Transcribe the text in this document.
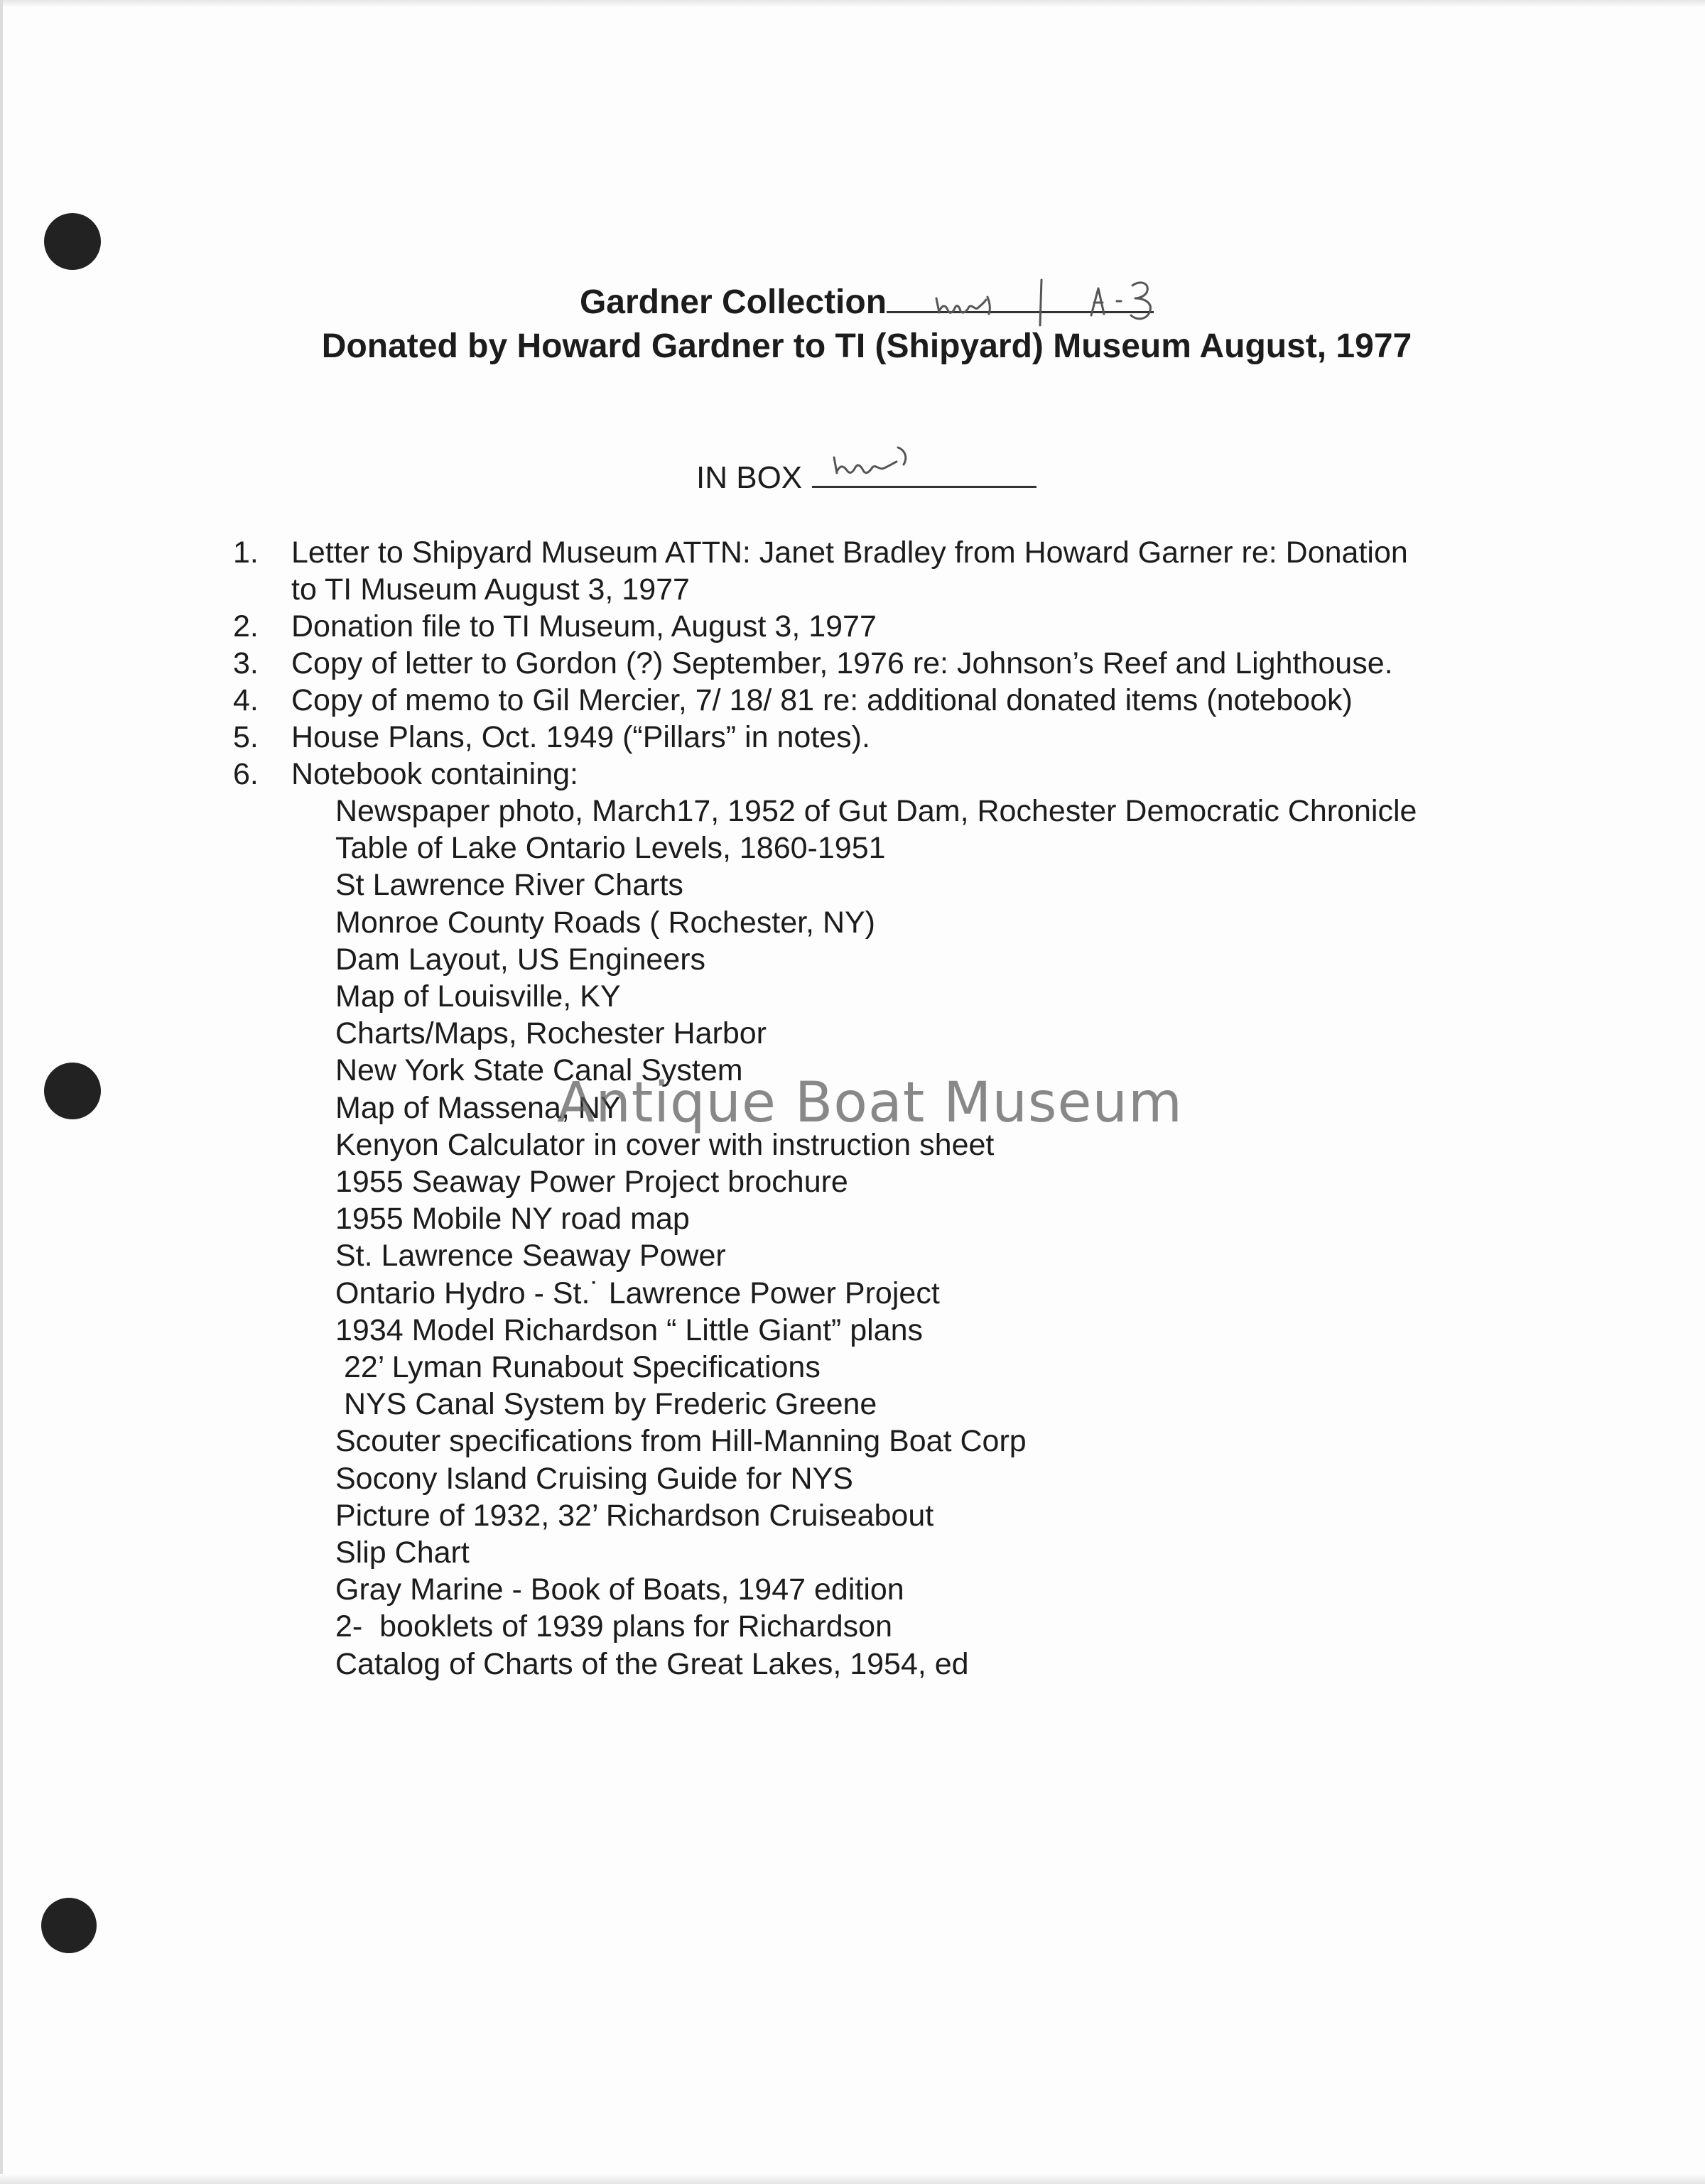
Gardner Collection
Donated by Howard Gardner to TI (Shipyard) Museum August, 1977
IN BOX
1. Letter to Shipyard Museum ATTN: Janet Bradley from Howard Garner re: Donation
to TI Museum August 3, 1977
2. Donation file to TI Museum, August 3, 1977
3. Copy of letter to Gordon (?) September, 1976 re: Johnson’s Reef and Lighthouse.
4. Copy of memo to Gil Mercier, 7/ 18/ 81 re: additional donated items (notebook)
5. House Plans, Oct. 1949 (“Pillars” in notes).
6. Notebook containing:
Newspaper photo, March17, 1952 of Gut Dam, Rochester Democratic Chronicle
Table of Lake Ontario Levels, 1860-1951
St Lawrence River Charts
Monroe County Roads ( Rochester, NY)
Dam Layout, US Engineers
Map of Louisville, KY
Charts/Maps, Rochester Harbor
New York State Canal System
Map of Massena, NY
Kenyon Calculator in cover with instruction sheet
1955 Seaway Power Project brochure
1955 Mobile NY road map
St. Lawrence Seaway Power
Ontario Hydro - St.˙ Lawrence Power Project
1934 Model Richardson “ Little Giant” plans
22’ Lyman Runabout Specifications
NYS Canal System by Frederic Greene
Scouter specifications from Hill-Manning Boat Corp
Socony Island Cruising Guide for NYS
Picture of 1932, 32’ Richardson Cruiseabout
Slip Chart
Gray Marine - Book of Boats, 1947 edition
2-  booklets of 1939 plans for Richardson
Catalog of Charts of the Great Lakes, 1954, ed
Antique Boat Museum
